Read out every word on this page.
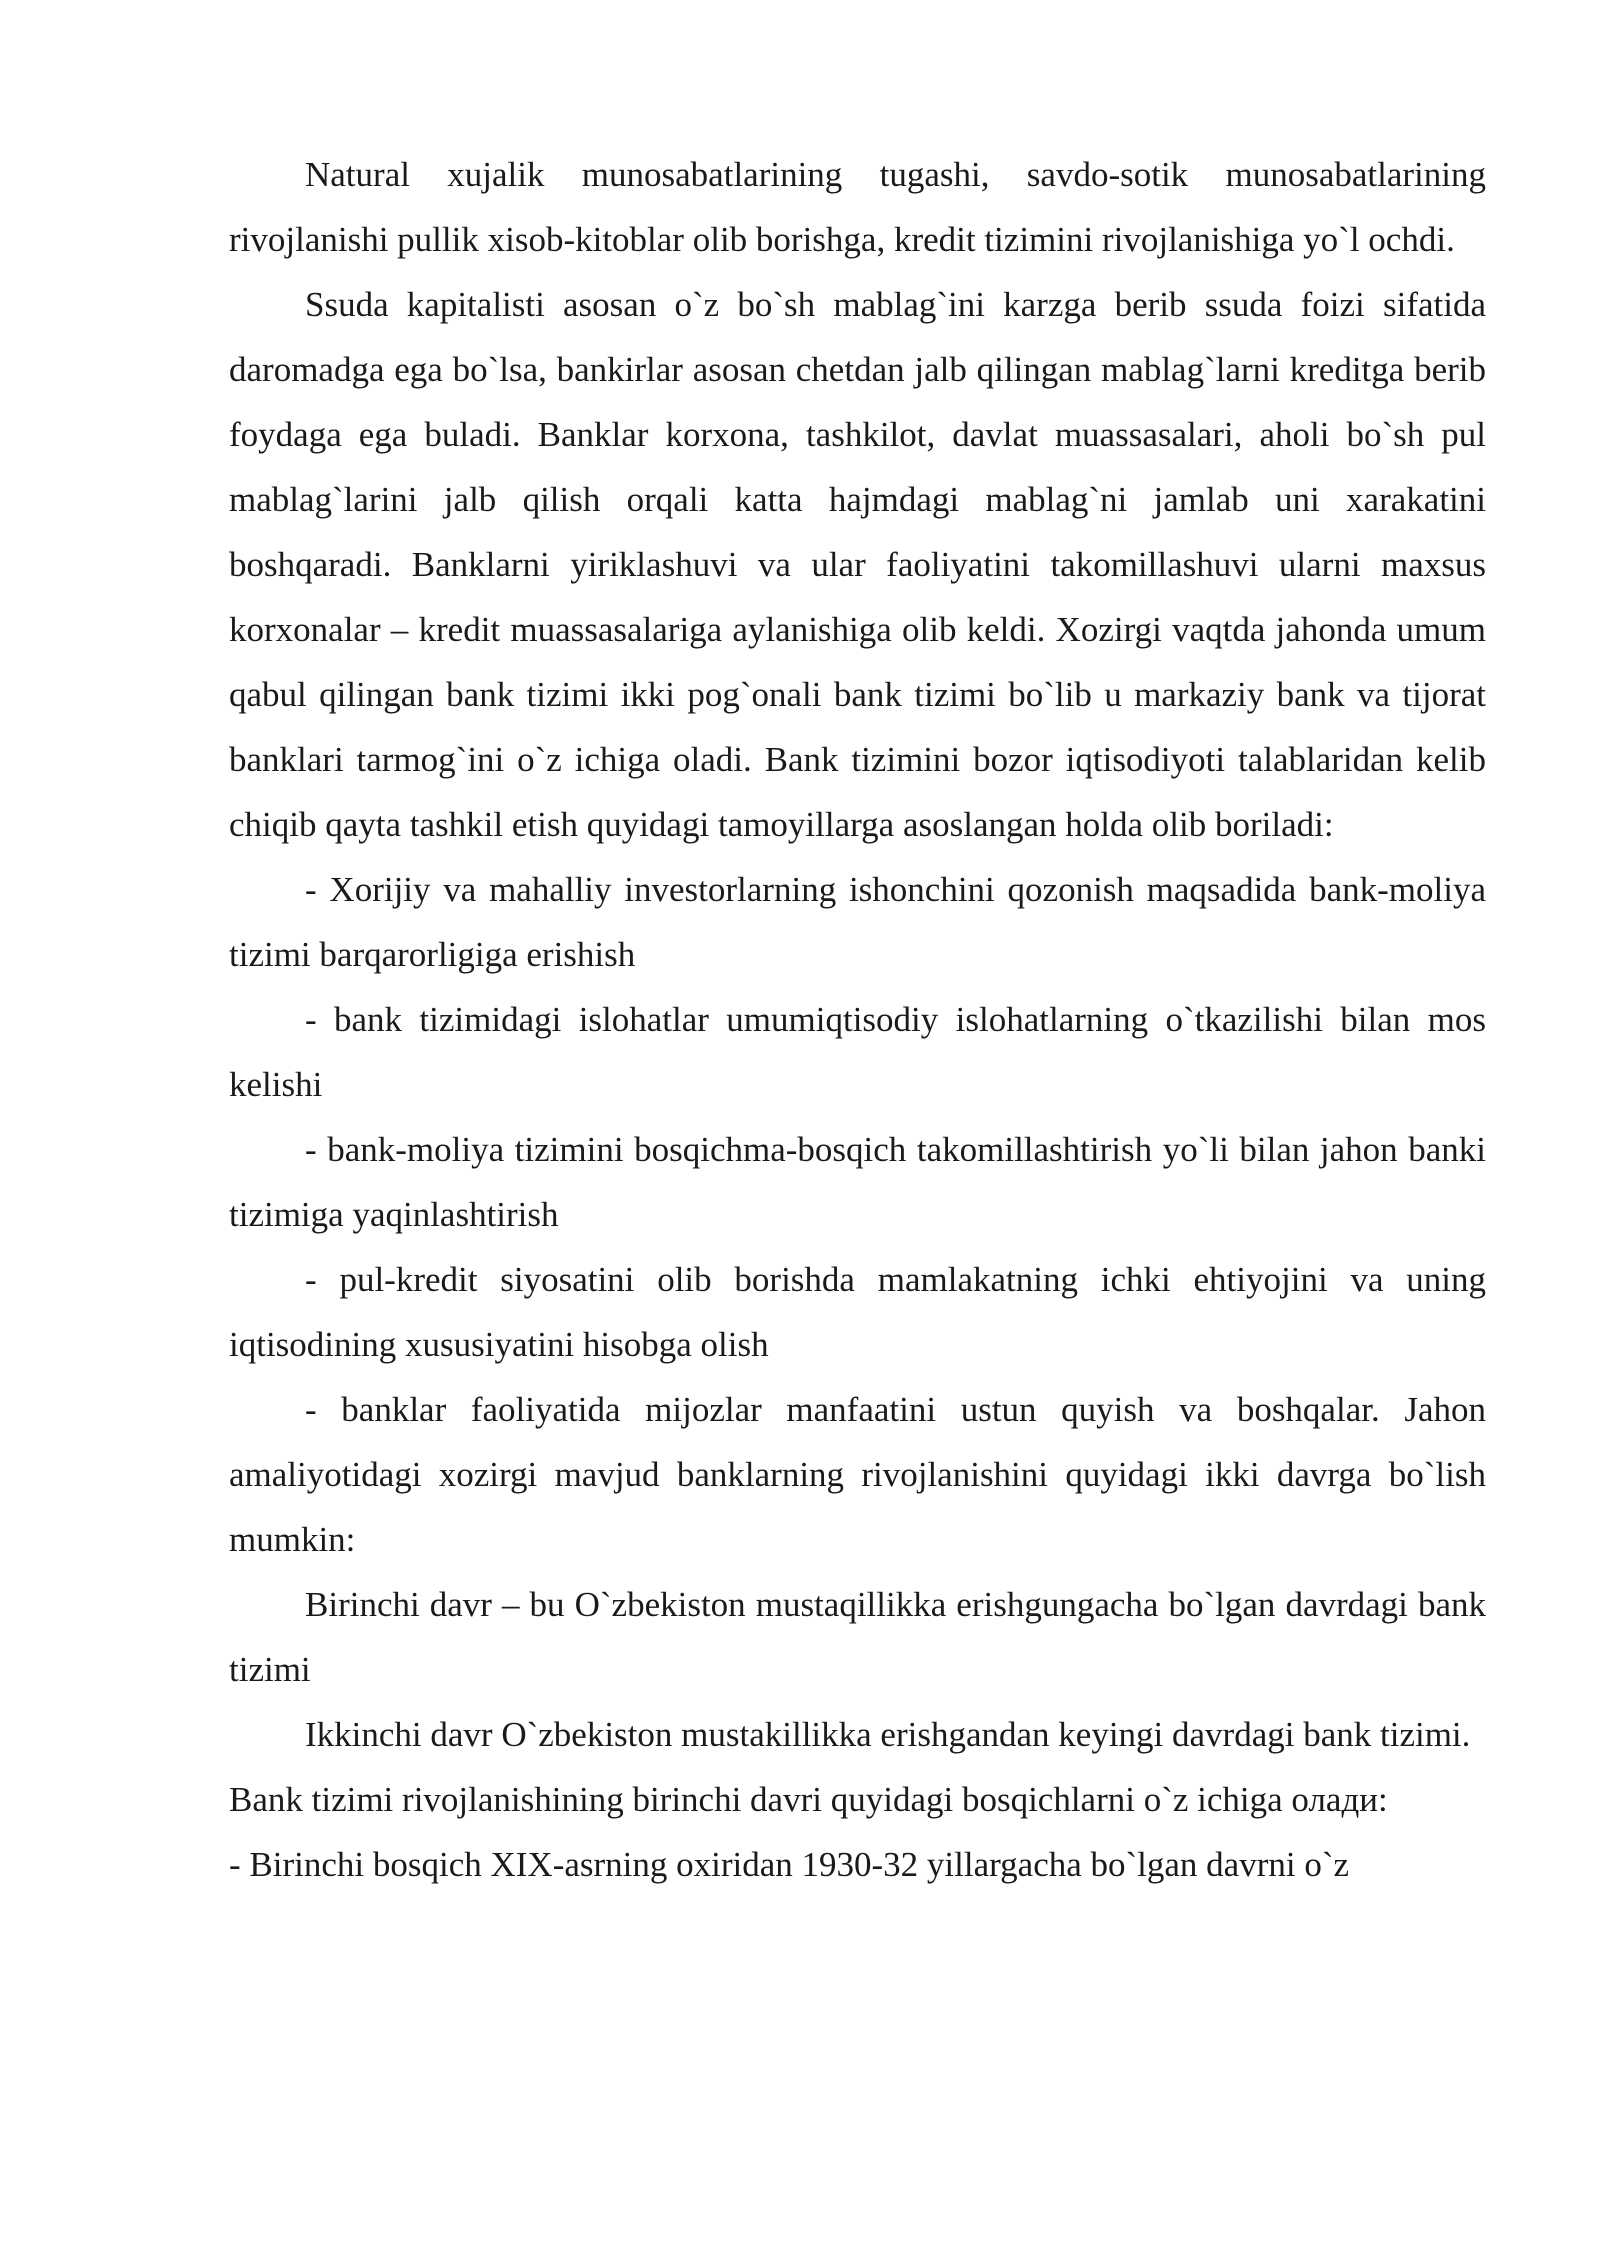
Natural xujalik munosabatlarining tugashi, savdo-sotik munosabatlarining rivojlanishi pullik xisob-kitoblar olib borishga, kredit tizimini rivojlanishiga yo`l ochdi.

Ssuda kapitalisti asosan o`z bo`sh mablag`ini karzga berib ssuda foizi sifatida daromadga ega bo`lsa, bankirlar asosan chetdan jalb qilingan mablag`larni kreditga berib foydaga ega buladi. Banklar korxona, tashkilot, davlat muassasalari, aholi bo`sh pul mablag`larini jalb qilish orqali katta hajmdagi mablag`ni jamlab uni xarakatini boshqaradi. Banklarni yiriklashuvi va ular faoliyatini takomillashuvi ularni maxsus korxonalar – kredit muassasalariga aylanishiga olib keldi. Xozirgi vaqtda jahonda umum qabul qilingan bank tizimi ikki pog`onali bank tizimi bo`lib u markaziy bank va tijorat banklari tarmog`ini o`z ichiga oladi. Bank tizimini bozor iqtisodiyoti talablaridan kelib chiqib qayta tashkil etish quyidagi tamoyillarga asoslangan holda olib boriladi:

- Xorijiy va mahalliy investorlarning ishonchini qozonish maqsadida bank-moliya tizimi barqarorligiga erishish

- bank tizimidagi islohatlar umumiqtisodiy islohatlarning o`tkazilishi bilan mos kelishi

- bank-moliya tizimini bosqichma-bosqich takomillashtirish yo`li bilan jahon banki tizimiga yaqinlashtirish

- pul-kredit siyosatini olib borishda mamlakatning ichki ehtiyojini va uning iqtisodining xususiyatini hisobga olish

- banklar faoliyatida mijozlar manfaatini ustun quyish va boshqalar. Jahon amaliyotidagi xozirgi mavjud banklarning rivojlanishini quyidagi ikki davrga bo`lish mumkin:

Birinchi davr – bu O`zbekiston mustaqillikka erishgungacha bo`lgan davrdagi bank tizimi

Ikkinchi davr O`zbekiston mustakillikka erishgandan keyingi davrdagi bank tizimi.

Bank tizimi rivojlanishining birinchi davri quyidagi bosqichlarni o`z ichiga олади:

- Birinchi bosqich XIX-asrning oxiridan 1930-32 yillargacha bo`lgan davrni o`z
